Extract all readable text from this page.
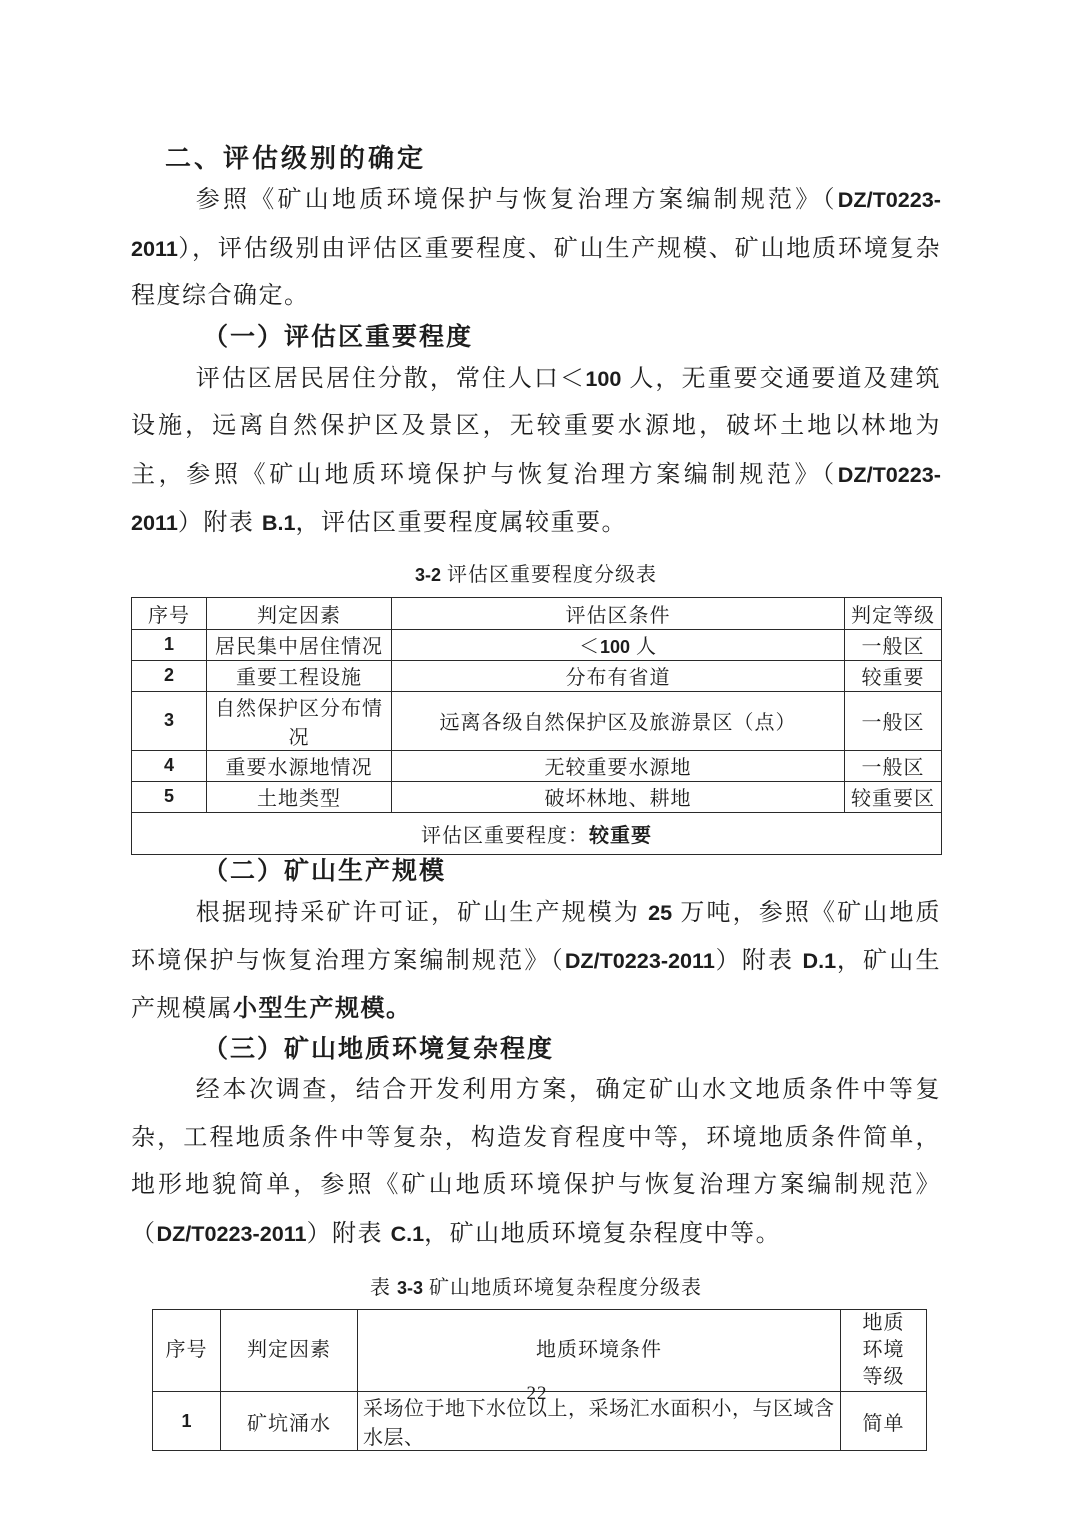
二、评估级别的确定

参照《矿山地质环境保护与恢复治理方案编制规范》（DZ/T0223-2011），评估级别由评估区重要程度、矿山生产规模、矿山地质环境复杂程度综合确定。

（一）评估区重要程度

评估区居民居住分散，常住人口＜100 人，无重要交通要道及建筑设施，远离自然保护区及景区，无较重要水源地，破坏土地以林地为主，参照《矿山地质环境保护与恢复治理方案编制规范》（DZ/T0223-2011）附表 B.1，评估区重要程度属较重要。

3-2 评估区重要程度分级表
序号	判定因素	评估区条件	判定等级
1	居民集中居住情况	＜100 人	一般区
2	重要工程设施	分布有省道	较重要
3	自然保护区分布情况	远离各级自然保护区及旅游景区（点）	一般区
4	重要水源地情况	无较重要水源地	一般区
5	土地类型	破坏林地、耕地	较重要区
评估区重要程度：较重要			
（二）矿山生产规模

根据现持采矿许可证，矿山生产规模为 25 万吨，参照《矿山地质环境保护与恢复治理方案编制规范》（DZ/T0223-2011）附表 D.1，矿山生产规模属小型生产规模。

（三）矿山地质环境复杂程度

经本次调查，结合开发利用方案，确定矿山水文地质条件中等复杂，工程地质条件中等复杂，构造发育程度中等，环境地质条件简单，地形地貌简单，参照《矿山地质环境保护与恢复治理方案编制规范》（DZ/T0223-2011）附表 C.1，矿山地质环境复杂程度中等。

表 3-3 矿山地质环境复杂程度分级表
序号	判定因素	地质环境条件	地质环境等级
1	矿坑涌水	采场位于地下水位以上，采场汇水面积小，与区域含水层、	简单
22
